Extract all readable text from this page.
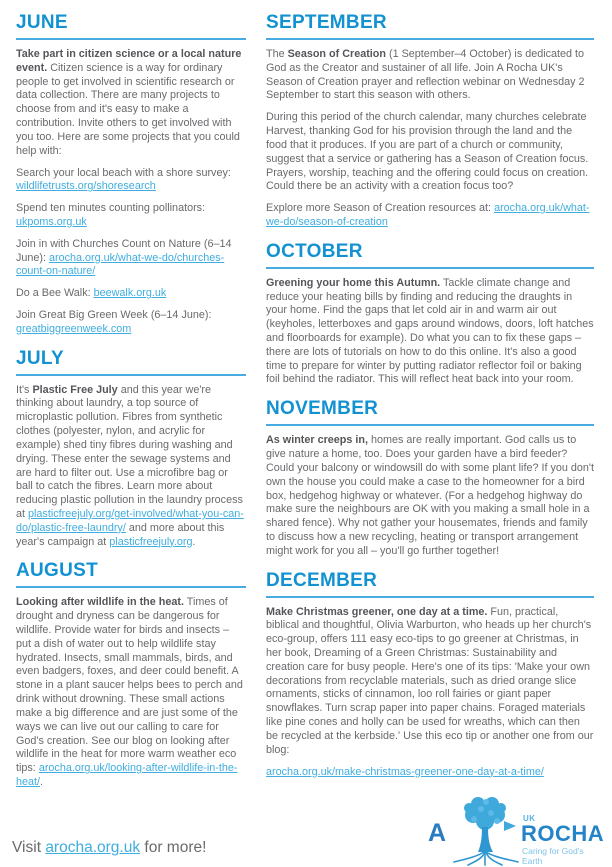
JUNE

Take part in citizen science or a local nature event. Citizen science is a way for ordinary people to get involved in scientific research or data collection. There are many projects to choose from and it's easy to make a contribution. Invite others to get involved with you too. Here are some projects that you could help with:

Search your local beach with a shore survey: wildlifetrusts.org/shoresearch

Spend ten minutes counting pollinators: ukpoms.org.uk

Join in with Churches Count on Nature (6–14 June): arocha.org.uk/what-we-do/churches-count-on-nature/

Do a Bee Walk: beewalk.org.uk

Join Great Big Green Week (6–14 June): greatbiggreenweek.com

JULY

It's Plastic Free July and this year we're thinking about laundry, a top source of microplastic pollution. Fibres from synthetic clothes (polyester, nylon, and acrylic for example) shed tiny fibres during washing and drying. These enter the sewage systems and are hard to filter out. Use a microfibre bag or ball to catch the fibres. Learn more about reducing plastic pollution in the laundry process at plasticfreejuly.org/get-involved/what-you-can-do/plastic-free-laundry/ and more about this year's campaign at plasticfreejuly.org.

AUGUST

Looking after wildlife in the heat. Times of drought and dryness can be dangerous for wildlife. Provide water for birds and insects – put a dish of water out to help wildlife stay hydrated. Insects, small mammals, birds, and even badgers, foxes, and deer could benefit. A stone in a plant saucer helps bees to perch and drink without drowning. These small actions make a big difference and are just some of the ways we can live out our calling to care for God's creation. See our blog on looking after wildlife in the heat for more warm weather eco tips: arocha.org.uk/looking-after-wildlife-in-the-heat/.

SEPTEMBER

The Season of Creation (1 September–4 October) is dedicated to God as the Creator and sustainer of all life. Join A Rocha UK's Season of Creation prayer and reflection webinar on Wednesday 2 September to start this season with others.

During this period of the church calendar, many churches celebrate Harvest, thanking God for his provision through the land and the food that it produces. If you are part of a church or community, suggest that a service or gathering has a Season of Creation focus. Prayers, worship, teaching and the offering could focus on creation. Could there be an activity with a creation focus too?

Explore more Season of Creation resources at: arocha.org.uk/what-we-do/season-of-creation

OCTOBER

Greening your home this Autumn. Tackle climate change and reduce your heating bills by finding and reducing the draughts in your home. Find the gaps that let cold air in and warm air out (keyholes, letterboxes and gaps around windows, doors, loft hatches and floorboards for example). Do what you can to fix these gaps – there are lots of tutorials on how to do this online. It's also a good time to prepare for winter by putting radiator reflector foil or baking foil behind the radiator. This will reflect heat back into your room.

NOVEMBER

As winter creeps in, homes are really important. God calls us to give nature a home, too. Does your garden have a bird feeder? Could your balcony or windowsill do with some plant life? If you don't own the house you could make a case to the homeowner for a bird box, hedgehog highway or whatever. (For a hedgehog highway do make sure the neighbours are OK with you making a small hole in a shared fence). Why not gather your housemates, friends and family to discuss how a new recycling, heating or transport arrangement might work for you all – you'll go further together!

DECEMBER

Make Christmas greener, one day at a time. Fun, practical, biblical and thoughtful, Olivia Warburton, who heads up her church's eco-group, offers 111 easy eco-tips to go greener at Christmas, in her book, Dreaming of a Green Christmas: Sustainability and creation care for busy people. Here's one of its tips: 'Make your own decorations from recyclable materials, such as dried orange slice ornaments, sticks of cinnamon, loo roll fairies or giant paper snowflakes. Turn scrap paper into paper chains. Foraged materials like pine cones and holly can be used for wreaths, which can then be recycled at the kerbside.' Use this eco tip or another one from our blog:

arocha.org.uk/make-christmas-greener-one-day-at-a-time/

Visit arocha.org.uk for more!

A
UK
ROCHA
Caring for God's Earth
